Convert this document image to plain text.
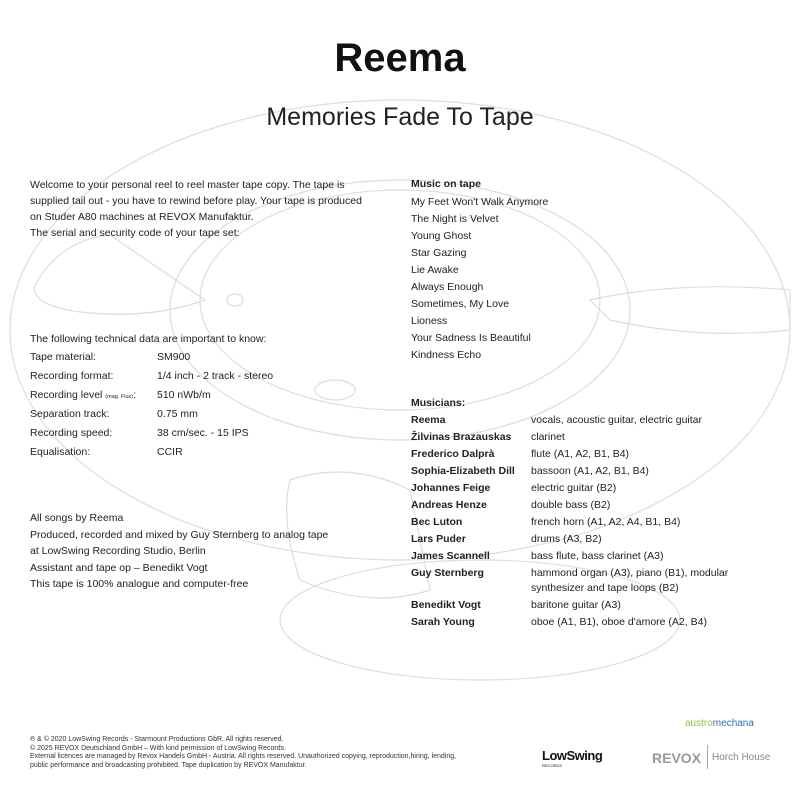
Reema
Memories Fade To Tape
Welcome to your personal reel to reel master tape copy. The tape is
supplied tail out - you have to rewind before play. Your tape is produced
on Studer A80 machines at REVOX Manufaktur.
The serial and security code of your tape set:
The following technical data are important to know:
Tape material:	SM900
Recording format:	1/4 inch - 2 track - stereo
Recording level (mag. Flux):	510 nWb/m
Separation track:	0.75 mm
Recording speed:	38 cm/sec. - 15 IPS
Equalisation:	CCIR
All songs by Reema
Produced, recorded and mixed by Guy Sternberg to analog tape
at LowSwing Recording Studio, Berlin
Assistant and tape op – Benedikt Vogt
This tape is 100% analogue and computer-free
Music on tape
My Feet Won't Walk Anymore
The Night is Velvet
Young Ghost
Star Gazing
Lie Awake
Always Enough
Sometimes, My Love
Lioness
Your Sadness Is Beautiful
Kindness Echo
Musicians:
Reema	vocals, acoustic guitar, electric guitar
Žilvinas Brazauskas	clarinet
Frederico Dalprà	flute (A1, A2, B1, B4)
Sophia-Elizabeth Dill	bassoon (A1, A2, B1, B4)
Johannes Feige	electric guitar (B2)
Andreas Henze	double bass (B2)
Bec Luton	french horn (A1, A2, A4, B1, B4)
Lars Puder	drums (A3, B2)
James Scannell	bass flute, bass clarinet (A3)
Guy Sternberg	hammond organ (A3), piano (B1), modular synthesizer and tape loops (B2)
Benedikt Vogt	baritone guitar (A3)
Sarah Young	oboe (A1, B1), oboe d'amore (A2, B4)
℗ & © 2020 LowSwing Records - Starmount Productions GbR. All rights reserved.
© 2025 REVOX Deutschland GmbH – With kind permission of LowSwing Records.
External licences are managed by Revox Handels GmbH - Austria. All rights reserved. Unauthorized copying, reproduction,hiring, lending,
public performance and broadcasting prohibited. Tape duplication by REVOX Manufaktur.
austromechana
LowSwing
RECORDS	REVOX Horch House
